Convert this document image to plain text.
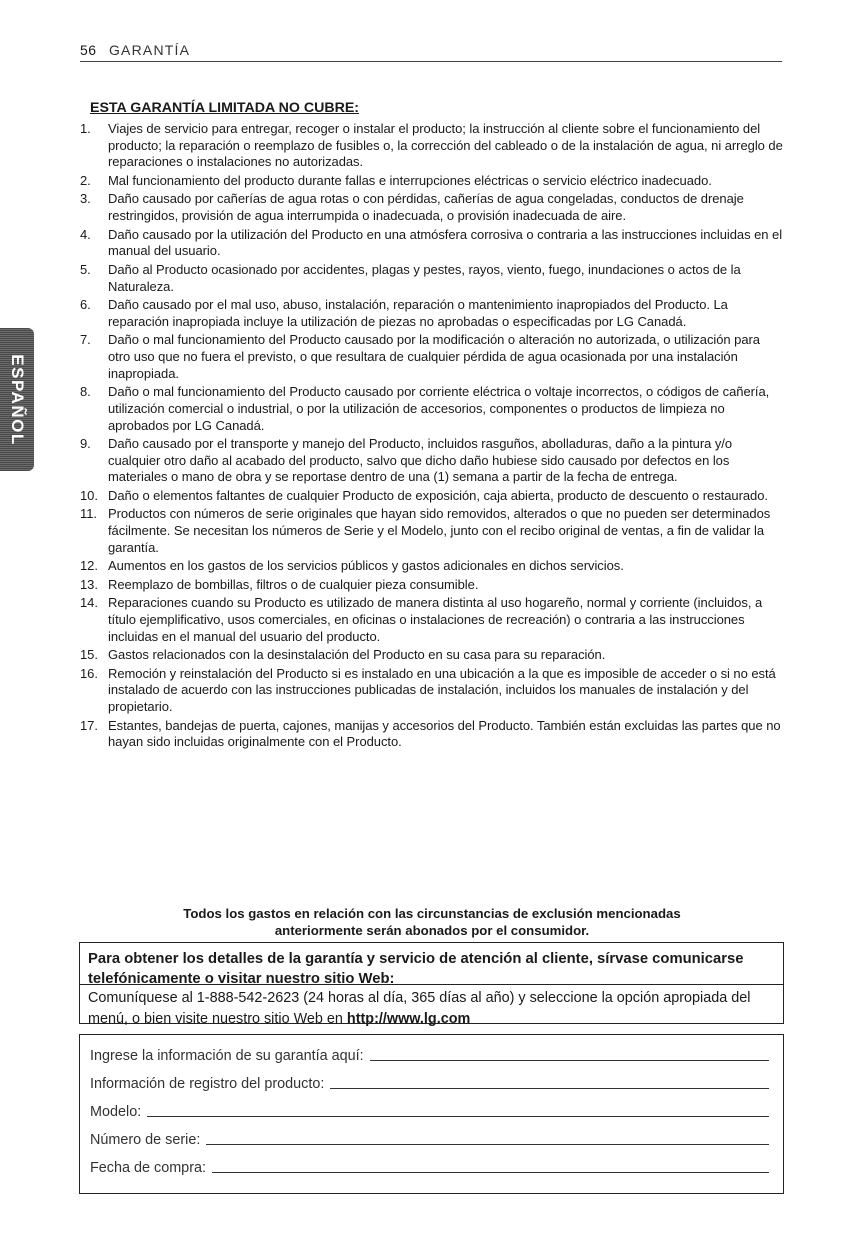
56 GARANTÍA
ESPAÑOL
ESTA GARANTÍA LIMITADA NO CUBRE:
1.	Viajes de servicio para entregar, recoger o instalar el producto; la instrucción al cliente sobre el funcionamiento del producto; la reparación o reemplazo de fusibles o, la corrección del cableado o de la instalación de agua, ni arreglo de reparaciones o instalaciones no autorizadas.
2.	Mal funcionamiento del producto durante fallas e interrupciones eléctricas o servicio eléctrico inadecuado.
3.	Daño causado por cañerías de agua rotas o con pérdidas, cañerías de agua congeladas, conductos de drenaje restringidos, provisión de agua interrumpida o inadecuada, o provisión inadecuada de aire.
4.	Daño causado por la utilización del Producto en una atmósfera corrosiva o contraria a las instrucciones incluidas en el manual del usuario.
5.	Daño al Producto ocasionado por accidentes, plagas y pestes, rayos, viento, fuego, inundaciones o actos de la Naturaleza.
6.	Daño causado por el mal uso, abuso, instalación, reparación o mantenimiento inapropiados del Producto. La reparación inapropiada incluye la utilización de piezas no aprobadas o especificadas por LG Canadá.
7.	Daño o mal funcionamiento del Producto causado por la modificación o alteración no autorizada, o utilización para otro uso que no fuera el previsto, o que resultara de cualquier pérdida de agua ocasionada por una instalación inapropiada.
8.	Daño o mal funcionamiento del Producto causado por corriente eléctrica o voltaje incorrectos, o códigos de cañería, utilización comercial o industrial, o por la utilización de accesorios, componentes o productos de limpieza no aprobados por LG Canadá.
9.	Daño causado por el transporte y manejo del Producto, incluidos rasguños, abolladuras, daño a la pintura y/o cualquier otro daño al acabado del producto, salvo que dicho daño hubiese sido causado por defectos en los materiales o mano de obra y se reportase dentro de una (1) semana a partir de la fecha de entrega.
10. Daño o elementos faltantes de cualquier Producto de exposición, caja abierta, producto de descuento o restaurado.
11. Productos con números de serie originales que hayan sido removidos, alterados o que no pueden ser determinados fácilmente. Se necesitan los números de Serie y el Modelo, junto con el recibo original de ventas, a fin de validar la garantía.
12. Aumentos en los gastos de los servicios públicos y gastos adicionales en dichos servicios.
13. Reemplazo de bombillas, filtros o de cualquier pieza consumible.
14. Reparaciones cuando su Producto es utilizado de manera distinta al uso hogareño, normal y corriente (incluidos, a título ejemplificativo, usos comerciales, en oficinas o instalaciones de recreación) o contraria a las instrucciones incluidas en el manual del usuario del producto.
15. Gastos relacionados con la desinstalación del Producto en su casa para su reparación.
16. Remoción y reinstalación del Producto si es instalado en una ubicación a la que es imposible de acceder o si no está instalado de acuerdo con las instrucciones publicadas de instalación, incluidos los manuales de instalación y del propietario.
17. Estantes, bandejas de puerta, cajones, manijas y accesorios del Producto. También están excluidas las partes que no hayan sido incluidas originalmente con el Producto.
Todos los gastos en relación con las circunstancias de exclusión mencionadas
anteriormente serán abonados por el consumidor.
Para obtener los detalles de la garantía y servicio de atención al cliente, sírvase comunicarse telefónicamente o visitar nuestro sitio Web:
Comuníquese al 1-888-542-2623 (24 horas al día, 365 días al año) y seleccione la opción apropiada del menú, o bien visite nuestro sitio Web en http://www.lg.com
Ingrese la información de su garantía aquí:
Información de registro del producto:
Modelo:
Número de serie:
Fecha de compra:
